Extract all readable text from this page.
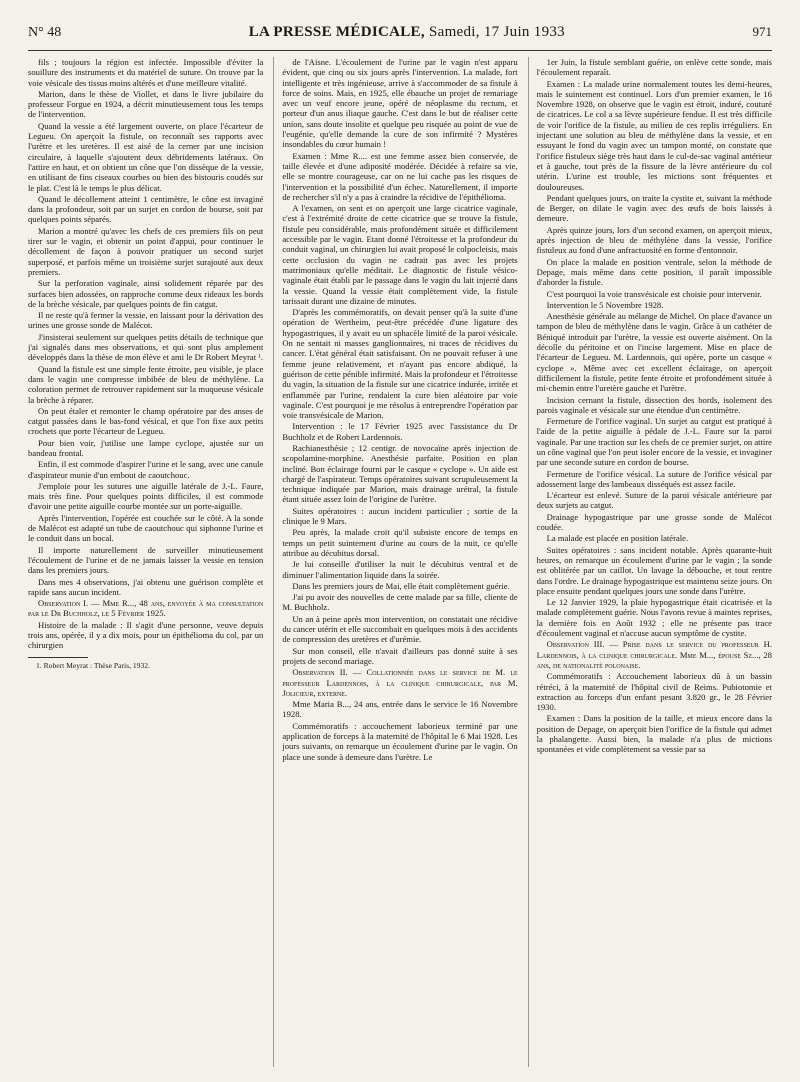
N° 48	LA PRESSE MÉDICALE, Samedi, 17 Juin 1933	971

fils ; toujours la région est infectée. Impossible d'éviter la souillure des instruments et du matériel de suture. On trouve par la voie vésicale des tissus moins altérés et d'une meilleure vitalité.

Marion, dans le thèse de Viollet, et dans le livre jubilaire du professeur Forgue en 1924, a décrit minutieusement tous les temps de l'intervention.

Quand la vessie a été largement ouverte, on place l'écarteur de Legueu. On aperçoit la fistule, on reconnaît ses rapports avec l'urètre et les uretères. Il est aisé de la cerner par une incision circulaire, à laquelle s'ajoutent deux débridements latéraux. On l'attire en haut, et on obtient un cône que l'on dissèque de la vessie, en utilisant de fins ciseaux courbes ou bien des bistouris coudés sur le plat. C'est là le temps le plus délicat.

Quand le décollement atteint 1 centimètre, le cône est invaginé dans la profondeur, soit par un surjet en cordon de bourse, soit par quelques points séparés.

Marion a montré qu'avec les chefs de ces premiers fils on peut tirer sur le vagin, et obtenir un point d'appui, pour continuer le décollement de façon à pouvoir pratiquer un second surjet superposé, et parfois même un troisième surjet surajouté aux deux premiers.

Sur la perforation vaginale, ainsi solidement réparée par des surfaces bien adossées, on rapproche comme deux rideaux les bords de la brèche vésicale, par quelques points de fin catgut.

Il ne reste qu'à fermer la vessie, en laissant pour la dérivation des urines une grosse sonde de Malécot.

J'insisterai seulement sur quelques petits détails de technique que j'ai signalés dans mes observations, et qui sont plus amplement développés dans la thèse de mon élève et ami le Dr Robert Meyrat ¹.

Quand la fistule est une simple fente étroite, peu visible, je place dans le vagin une compresse imbibée de bleu de méthylène. La coloration permet de retrouver rapidement sur la muqueuse vésicale la brèche à réparer.

On peut étaler et remonter le champ opératoire par des anses de catgut passées dans le bas-fond vésical, et que l'on fixe aux petits crochets que porte l'écarteur de Legueu.

Pour bien voir, j'utilise une lampe cyclope, ajustée sur un bandeau frontal.

Enfin, il est commode d'aspirer l'urine et le sang, avec une canule d'aspirateur munie d'un embout de caoutchouc.

J'emploie pour les sutures une aiguille latérale de J.-L. Faure, mais très fine. Pour quelques points difficiles, il est commode d'avoir une petite aiguille courbe montée sur un porte-aiguille.

Après l'intervention, l'opérée est couchée sur le côté. A la sonde de Malécot est adapté un tube de caoutchouc qui siphonne l'urine et le conduit dans un bocal.

Il importe naturellement de surveiller minutieusement l'écoulement de l'urine et de ne jamais laisser la vessie en tension dans les premiers jours.

Dans mes 4 observations, j'ai obtenu une guérison complète et rapide sans aucun incident.

Observation I. — Mme R..., 48 ans, envoyée à ma consultation par le Dr Buchholz, le 5 Février 1925.

Histoire de la malade : Il s'agit d'une personne, veuve depuis trois ans, opérée, il y a dix mois, pour un épithélioma du col, par un chirurgien

1. Robert Meyrat : Thèse Paris, 1932.

de l'Aisne. L'écoulement de l'urine par le vagin n'est apparu évident, que cinq ou six jours après l'intervention. La malade, fort intelligente et très ingénieuse, arrive à s'accommoder de sa fistule à force de soins. Mais, en 1925, elle ébauche un projet de remariage avec un veuf encore jeune, opéré de néoplasme du rectum, et porteur d'un anus iliaque gauche. C'est dans le but de réaliser cette union, sans doute insolite et quelque peu risquée au point de vue de l'eugénie, qu'elle demande la cure de son infirmité ? Mystères insondables du cœur humain !

Examen : Mme R.... est une femme assez bien conservée, de taille élevée et d'une adiposité modérée. Décidée à refaire sa vie, elle se montre courageuse, car on ne lui cache pas les risques de l'intervention et la possibilité d'un échec. Naturellement, il importe de rechercher s'il n'y a pas à craindre la récidive de l'épithélioma.

A l'examen, on sent et on aperçoit une large cicatrice vaginale, c'est à l'extrémité droite de cette cicatrice que se trouve la fistule, fistule peu considérable, mais profondément située et difficilement accessible par le vagin. Etant donné l'étroitesse et la profondeur du conduit vaginal, un chirurgien lui avait proposé le colpocleisis, mais cette occlusion du vagin ne cadrait pas avec les projets matrimoniaux qu'elle méditait. Le diagnostic de fistule vésico-vaginale était établi par le passage dans le vagin du lait injecté dans la vessie. Quand la vessie était complètement vide, la fistule tarissait durant une dizaine de minutes.

D'après les commémoratifs, on devait penser qu'à la suite d'une opération de Wertheim, peut-être précédée d'une ligature des hypogastriques, il y avait eu un sphacèle limité de la paroi vésicale. On ne sentait ni masses ganglionnaires, ni traces de récidives du cancer. L'état général était satisfaisant. On ne pouvait refuser à une femme jeune relativement, et n'ayant pas encore abdiqué, la guérison de cette pénible infirmité. Mais la profondeur et l'étroitesse du vagin, la situation de la fistule sur une cicatrice indurée, irritée et enflammée par l'urine, rendaient la cure bien aléatoire par voie vaginale. C'est pourquoi je me résolus à entreprendre l'opération par voie transvésicale de Marion.

Intervention : le 17 Février 1925 avec l'assistance du Dr Buchholz et de Robert Lardennois.

Rachianesthésie ; 12 centigr. de novocaïne après injection de scopolamine-morphine. Anesthésie parfaite. Position en plan incliné. Bon éclairage fourni par le casque « cyclope ». Un aide est chargé de l'aspirateur. Temps opératoires suivant scrupuleusement la technique indiquée par Marion, mais drainage urétral, la fistule étant située assez loin de l'origine de l'urètre.

Suites opératoires : aucun incident particulier ; sortie de la clinique le 9 Mars.

Peu après, la malade croit qu'il subsiste encore de temps en temps un petit suintement d'urine au cours de la nuit, ce qu'elle attribue au décubitus dorsal.

Je lui conseille d'utiliser la nuit le décubitus ventral et de diminuer l'alimentation liquide dans la soirée.

Dans les premiers jours de Mai, elle était complètement guérie.

J'ai pu avoir des nouvelles de cette malade par sa fille, cliente de M. Buchholz.

Un an à peine après mon intervention, on constatait une récidive du cancer utérin et elle succombait en quelques mois à des accidents de compression des uretères et d'urémie.

Sur mon conseil, elle n'avait d'ailleurs pas donné suite à ses projets de second mariage.

Observation II. — Collationnée dans le service de M. le professeur Lardennois, à la clinique chirurgicale, par M. Jolicœur, externe.

Mme Maria B..., 24 ans, entrée dans le service le 16 Novembre 1928.

Commémoratifs : accouchement laborieux terminé par une application de forceps à la maternité de l'hôpital le 6 Mai 1928. Les jours suivants, on remarque un écoulement d'urine par le vagin. On place une sonde à demeure dans l'urètre. Le

1er Juin, la fistule semblant guérie, on enlève cette sonde, mais l'écoulement reparaît.

Examen : La malade urine normalement toutes les demi-heures, mais le suintement est continuel. Lors d'un premier examen, le 16 Novembre 1928, on observe que le vagin est étroit, induré, couturé de cicatrices. Le col a sa lèvre supérieure fendue. Il est très difficile de voir l'orifice de la fistule, au milieu de ces replis irréguliers. En injectant une solution au bleu de méthylène dans la vessie, et en essuyant le fond du vagin avec un tampon monté, on constate que l'orifice fistuleux siège très haut dans le cul-de-sac vaginal antérieur et à gauche, tout près de la fissure de la lèvre antérieure du col utérin. L'urine est trouble, les mictions sont fréquentes et douloureuses.

Pendant quelques jours, on traite la cystite et, suivant la méthode de Berger, on dilate le vagin avec des œufs de bois laissés à demeure.

Après quinze jours, lors d'un second examen, on aperçoit mieux, après injection de bleu de méthylène dans la vessie, l'orifice fistuleux au fond d'une anfractuosité en forme d'entonnoir.

On place la malade en position ventrale, selon la méthode de Depage, mais même dans cette position, il paraît impossible d'aborder la fistule.

C'est pourquoi la voie transvésicale est choisie pour intervenir.

Intervention le 5 Novembre 1928.

Anesthésie générale au mélange de Michel. On place d'avance un tampon de bleu de méthylène dans le vagin. Grâce à un cathéter de Béniqué introduit par l'urètre, la vessie est ouverte aisément. On la décolle du péritoine et on l'incise largement. Mise en place de l'écarteur de Legueu. M. Lardennois, qui opère, porte un casque « cyclope ». Même avec cet excellent éclairage, on aperçoit difficilement la fistule, petite fente étroite et profondément située à mi-chemin entre l'uretère gauche et l'urètre.

Incision cernant la fistule, dissection des bords, isolement des parois vaginale et vésicale sur une étendue d'un centimètre.

Fermeture de l'orifice vaginal. Un surjet au catgut est pratiqué à l'aide de la petite aiguille à pédale de J.-L. Faure sur la paroi vaginale. Par une traction sur les chefs de ce premier surjet, on attire un cône vaginal que l'on peut isoler encore de la vessie, et invaginer par une seconde suture en cordon de bourse.

Fermeture de l'orifice vésical. La suture de l'orifice vésical par adossement large des lambeaux disséqués est assez facile.

L'écarteur est enlevé. Suture de la paroi vésicale antérieure par deux surjets au catgut.

Drainage hypogastrique par une grosse sonde de Malécot coudée.

La malade est placée en position latérale.

Suites opératoires : sans incident notable. Après quarante-huit heures, on remarque un écoulement d'urine par le vagin ; la sonde est oblitérée par un caillot. Un lavage la débouche, et tout rentre dans l'ordre. Le drainage hypogastrique est maintenu seize jours. On place ensuite pendant quelques jours une sonde dans l'urètre.

Le 12 Janvier 1929, la plaie hypogastrique était cicatrisée et la malade complètement guérie. Nous l'avons revue à maintes reprises, la dernière fois en Août 1932 ; elle ne présente pas trace d'écoulement vaginal et n'accuse aucun symptôme de cystite.

Observation III. — Prise dans le service du professeur H. Lardennois, à la clinique chirurgicale. Mme M..., épouse Sz..., 28 ans, de nationalité polonaise.

Commémoratifs : Accouchement laborieux dû à un bassin rétréci, à la maternité de l'hôpital civil de Reims. Pubiotomie et extraction au forceps d'un enfant pesant 3.820 gr., le 28 Février 1930.

Examen : Dans la position de la taille, et mieux encore dans la position de Depage, on aperçoit bien l'orifice de la fistule qui admet la phalangette. Aussi bien, la malade n'a plus de mictions spontanées et vide complètement sa vessie par sa
